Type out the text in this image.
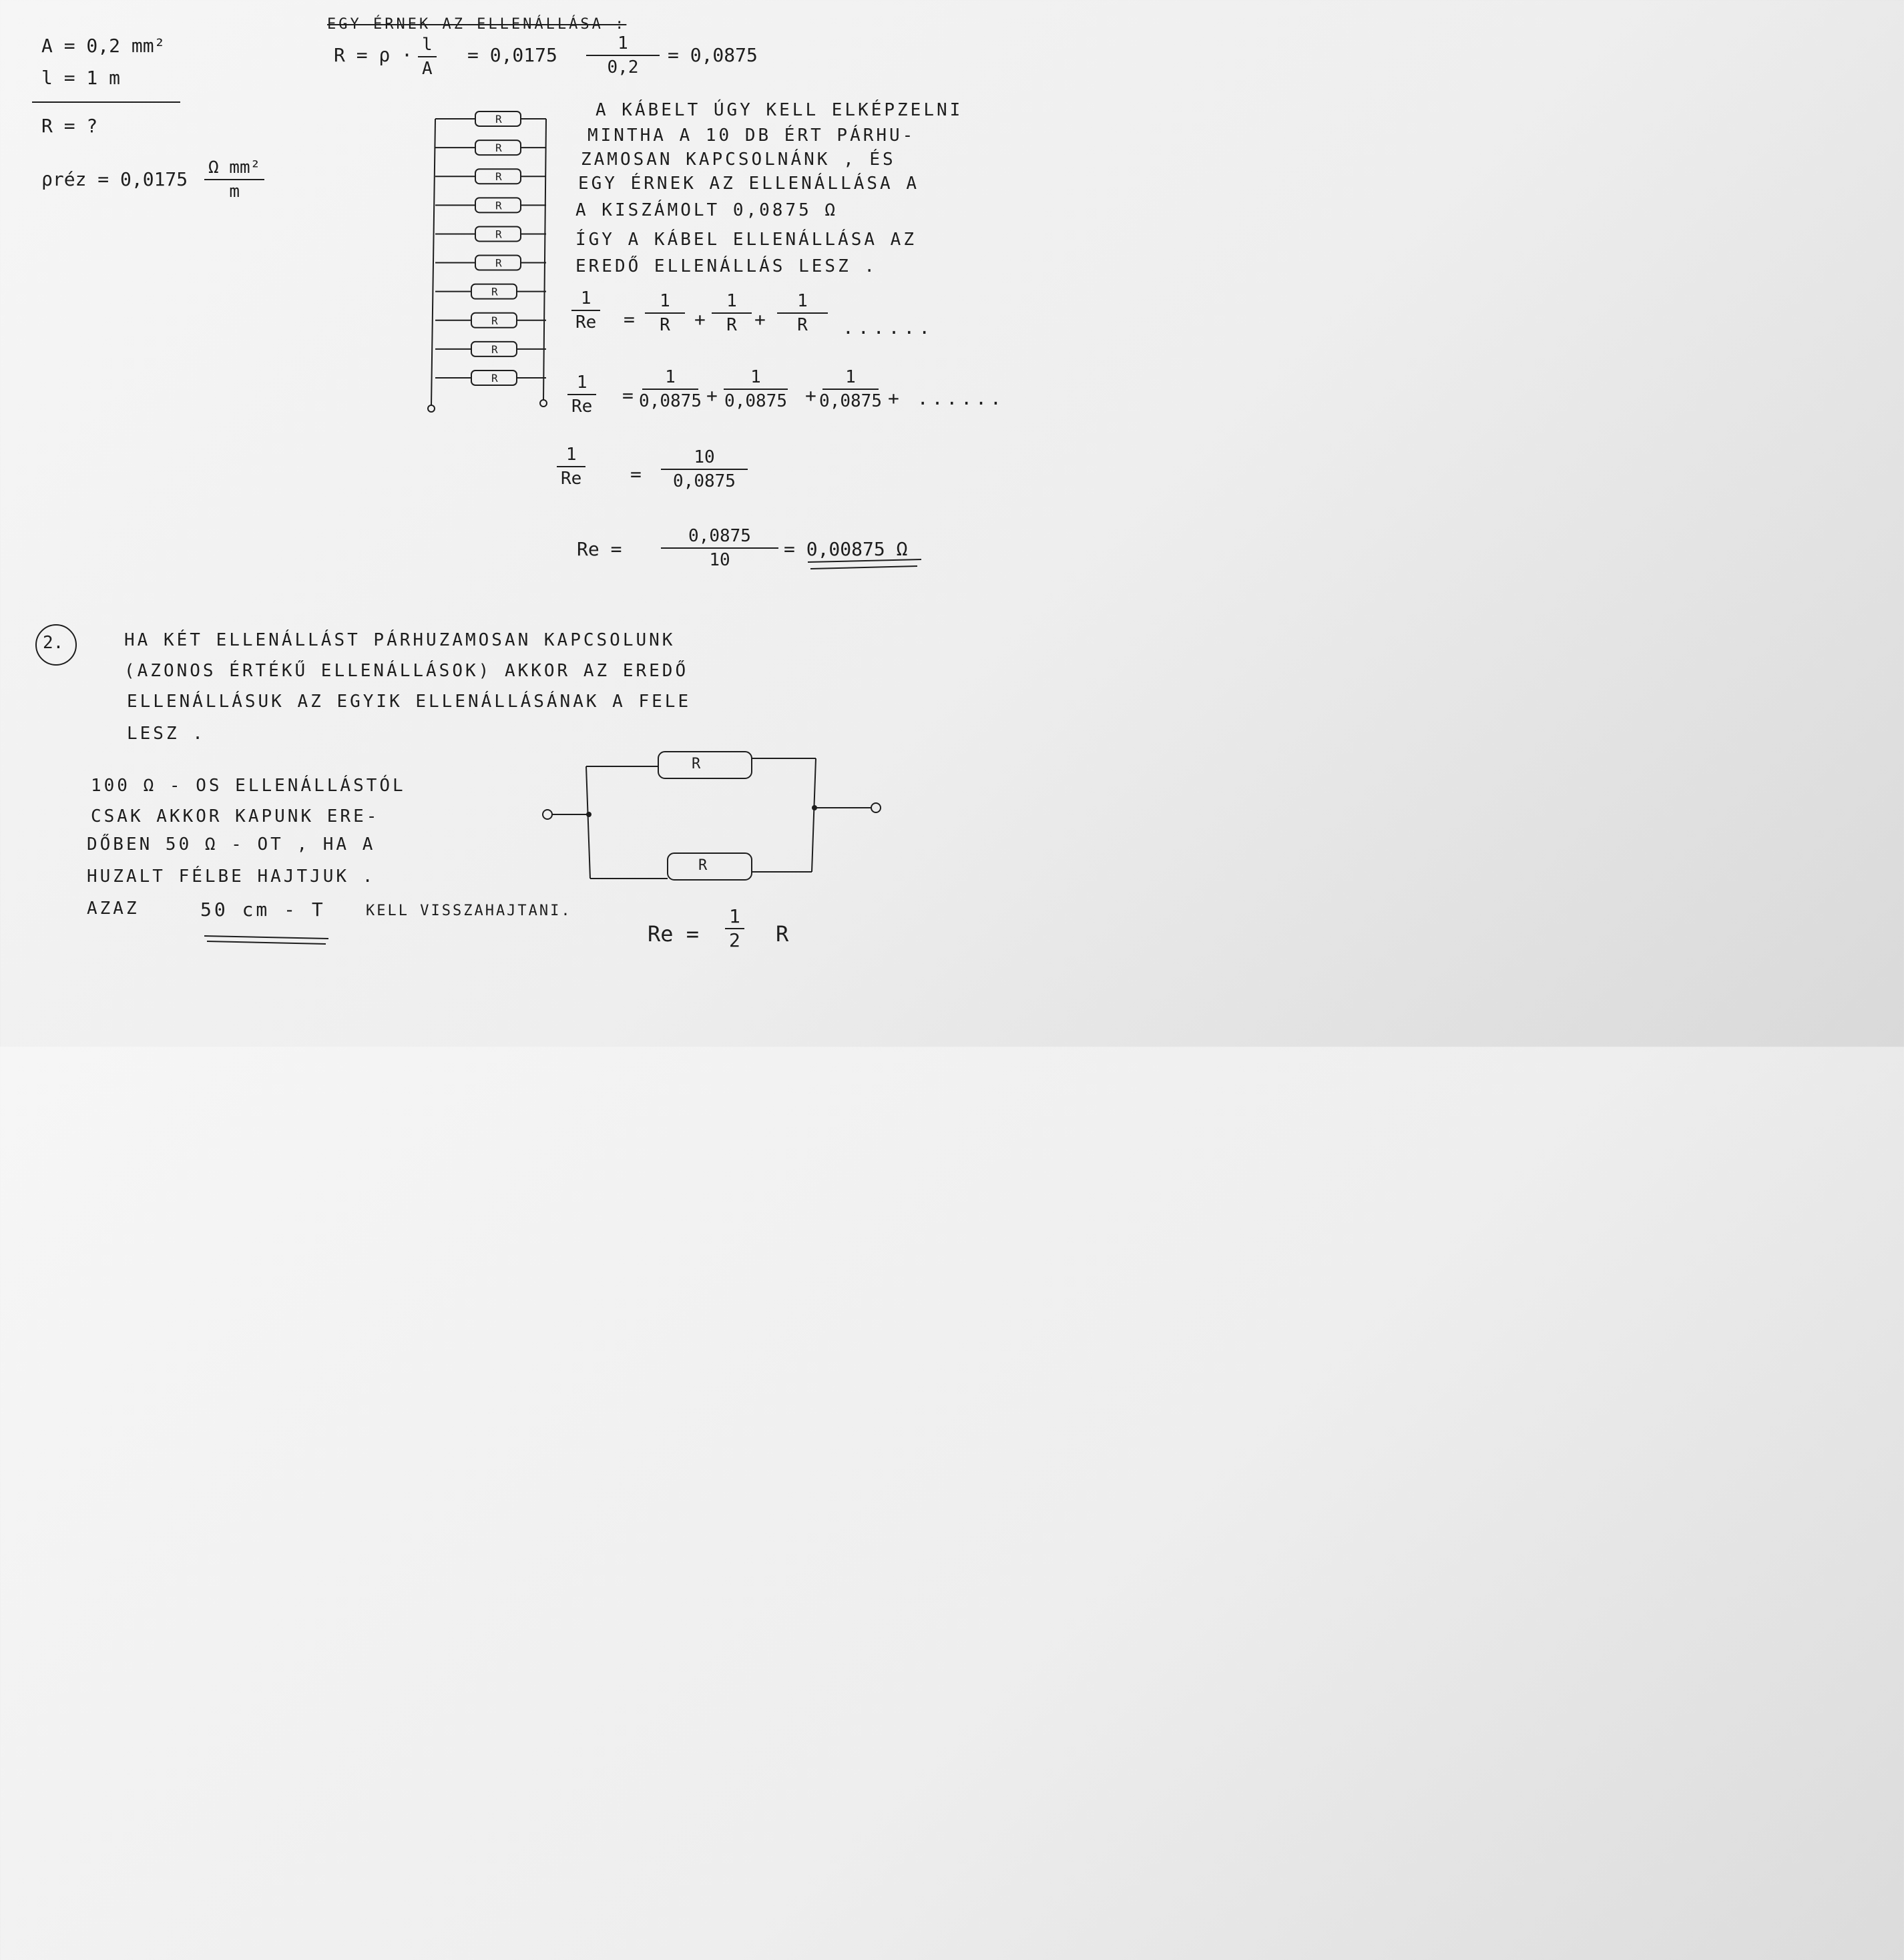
A = 0,2 mm²
l = 1 m
R = ?
ρréz = 0,0175
Ω mm²
m
EGY ÉRNEK AZ ELLENÁLLÁSA :
R = ρ · l
A
= 0,0175
1
0,2
= 0,0875
R
R
R
R
R
R
R
R
R
R
R
R
A KÁBELT ÚGY KELL ELKÉPZELNI
MINTHA A 10 DB ÉRT PÁRHU-
ZAMOSAN KAPCSOLNÁNK , ÉS
EGY ÉRNEK AZ ELLENÁLLÁSA A
A KISZÁMOLT 0,0875 Ω
ÍGY A KÁBEL ELLENÁLLÁSA AZ
EREDŐ ELLENÁLLÁS LESZ .
1
Re =
1
R +
1
R +
1
R ......
1
Re =
1
0,0875 +
1
0,0875 +
1
0,0875 + ......
1
Re	=
10
0,0875
Re =
0,0875
10	= 0,00875 Ω
2.	HA KÉT ELLENÁLLÁST PÁRHUZAMOSAN KAPCSOLUNK
(AZONOS ÉRTÉKŰ ELLENÁLLÁSOK) AKKOR AZ EREDŐ
ELLENÁLLÁSUK AZ EGYIK ELLENÁLLÁSÁNAK A FELE
LESZ .
100 Ω - OS ELLENÁLLÁSTÓL
CSAK AKKOR KAPUNK ERE-
DŐBEN 50 Ω - OT , HA A
HUZALT FÉLBE HAJTJUK .
AZAZ	50 cm - T	KELL VISSZAHAJTANI.
Re =
1
2 R
